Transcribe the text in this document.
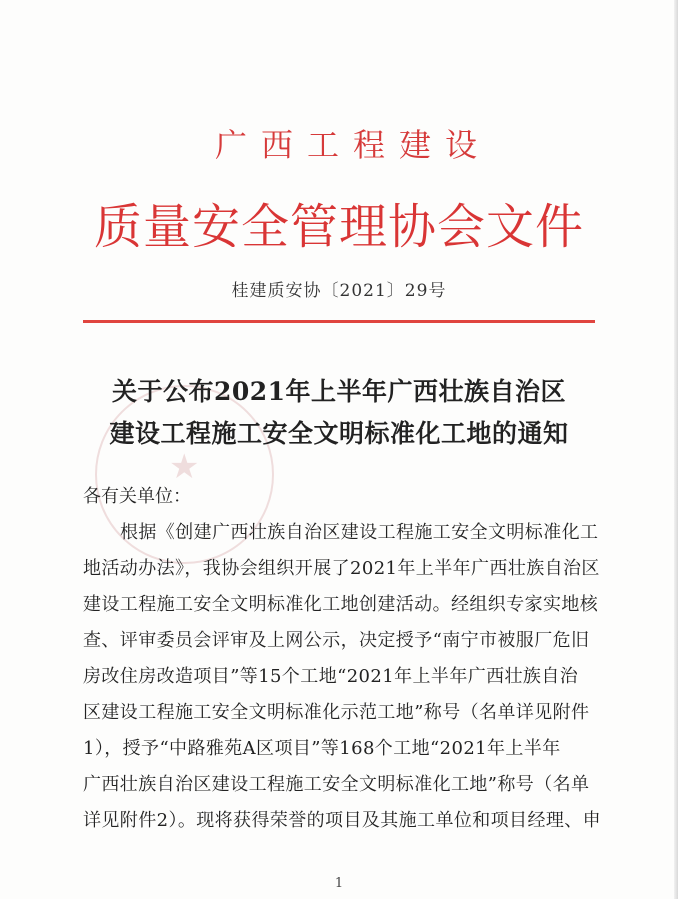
广西工程建设
质量安全管理协会文件
桂建质安协〔2021〕29号
★
关于公布2021年上半年广西壮族自治区
建设工程施工安全文明标准化工地的通知
各有关单位：
根据《创建广西壮族自治区建设工程施工安全文明标准化工
地活动办法》，我协会组织开展了2021年上半年广西壮族自治区
建设工程施工安全文明标准化工地创建活动。经组织专家实地核
查、评审委员会评审及上网公示，决定授予“南宁市被服厂危旧
房改住房改造项目”等15个工地“2021年上半年广西壮族自治
区建设工程施工安全文明标准化示范工地”称号（名单详见附件
1），授予“中路雅苑A区项目”等168个工地“2021年上半年
广西壮族自治区建设工程施工安全文明标准化工地”称号（名单
详见附件2）。现将获得荣誉的项目及其施工单位和项目经理、申
1
